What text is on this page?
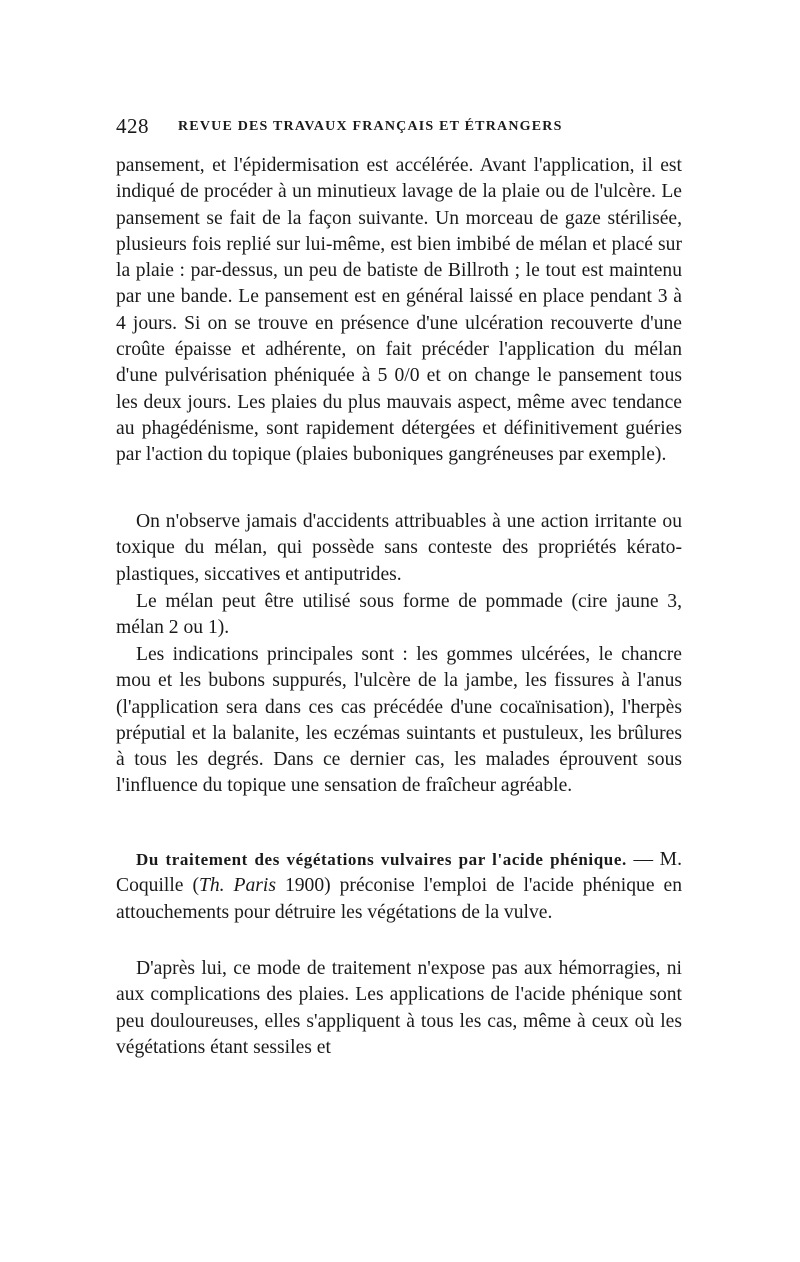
428 REVUE DES TRAVAUX FRANÇAIS ET ÉTRANGERS

pansement, et l'épidermisation est accélérée. Avant l'application, il est indiqué de procéder à un minutieux lavage de la plaie ou de l'ulcère. Le pansement se fait de la façon suivante. Un morceau de gaze stérilisée, plusieurs fois replié sur lui-même, est bien imbibé de mélan et placé sur la plaie : par-dessus, un peu de batiste de Billroth ; le tout est maintenu par une bande. Le pansement est en général laissé en place pendant 3 à 4 jours. Si on se trouve en présence d'une ulcération recouverte d'une croûte épaisse et adhérente, on fait précéder l'application du mélan d'une pulvérisation phéniquée à 5 0/0 et on change le pansement tous les deux jours. Les plaies du plus mauvais aspect, même avec tendance au phagédénisme, sont rapidement détergées et définitivement guéries par l'action du topique (plaies buboniques gangréneuses par exemple).

On n'observe jamais d'accidents attribuables à une action irritante ou toxique du mélan, qui possède sans conteste des propriétés kérato-plastiques, siccatives et antiputrides.

Le mélan peut être utilisé sous forme de pommade (cire jaune 3, mélan 2 ou 1).

Les indications principales sont : les gommes ulcérées, le chancre mou et les bubons suppurés, l'ulcère de la jambe, les fissures à l'anus (l'application sera dans ces cas précédée d'une cocaïnisation), l'herpès préputial et la balanite, les eczémas suintants et pustuleux, les brûlures à tous les degrés. Dans ce dernier cas, les malades éprouvent sous l'influence du topique une sensation de fraîcheur agréable.

Du traitement des végétations vulvaires par l'acide phénique. — M. Coquille (Th. Paris 1900) préconise l'emploi de l'acide phénique en attouchements pour détruire les végétations de la vulve.

D'après lui, ce mode de traitement n'expose pas aux hémorragies, ni aux complications des plaies. Les applications de l'acide phénique sont peu douloureuses, elles s'appliquent à tous les cas, même à ceux où les végétations étant sessiles et
